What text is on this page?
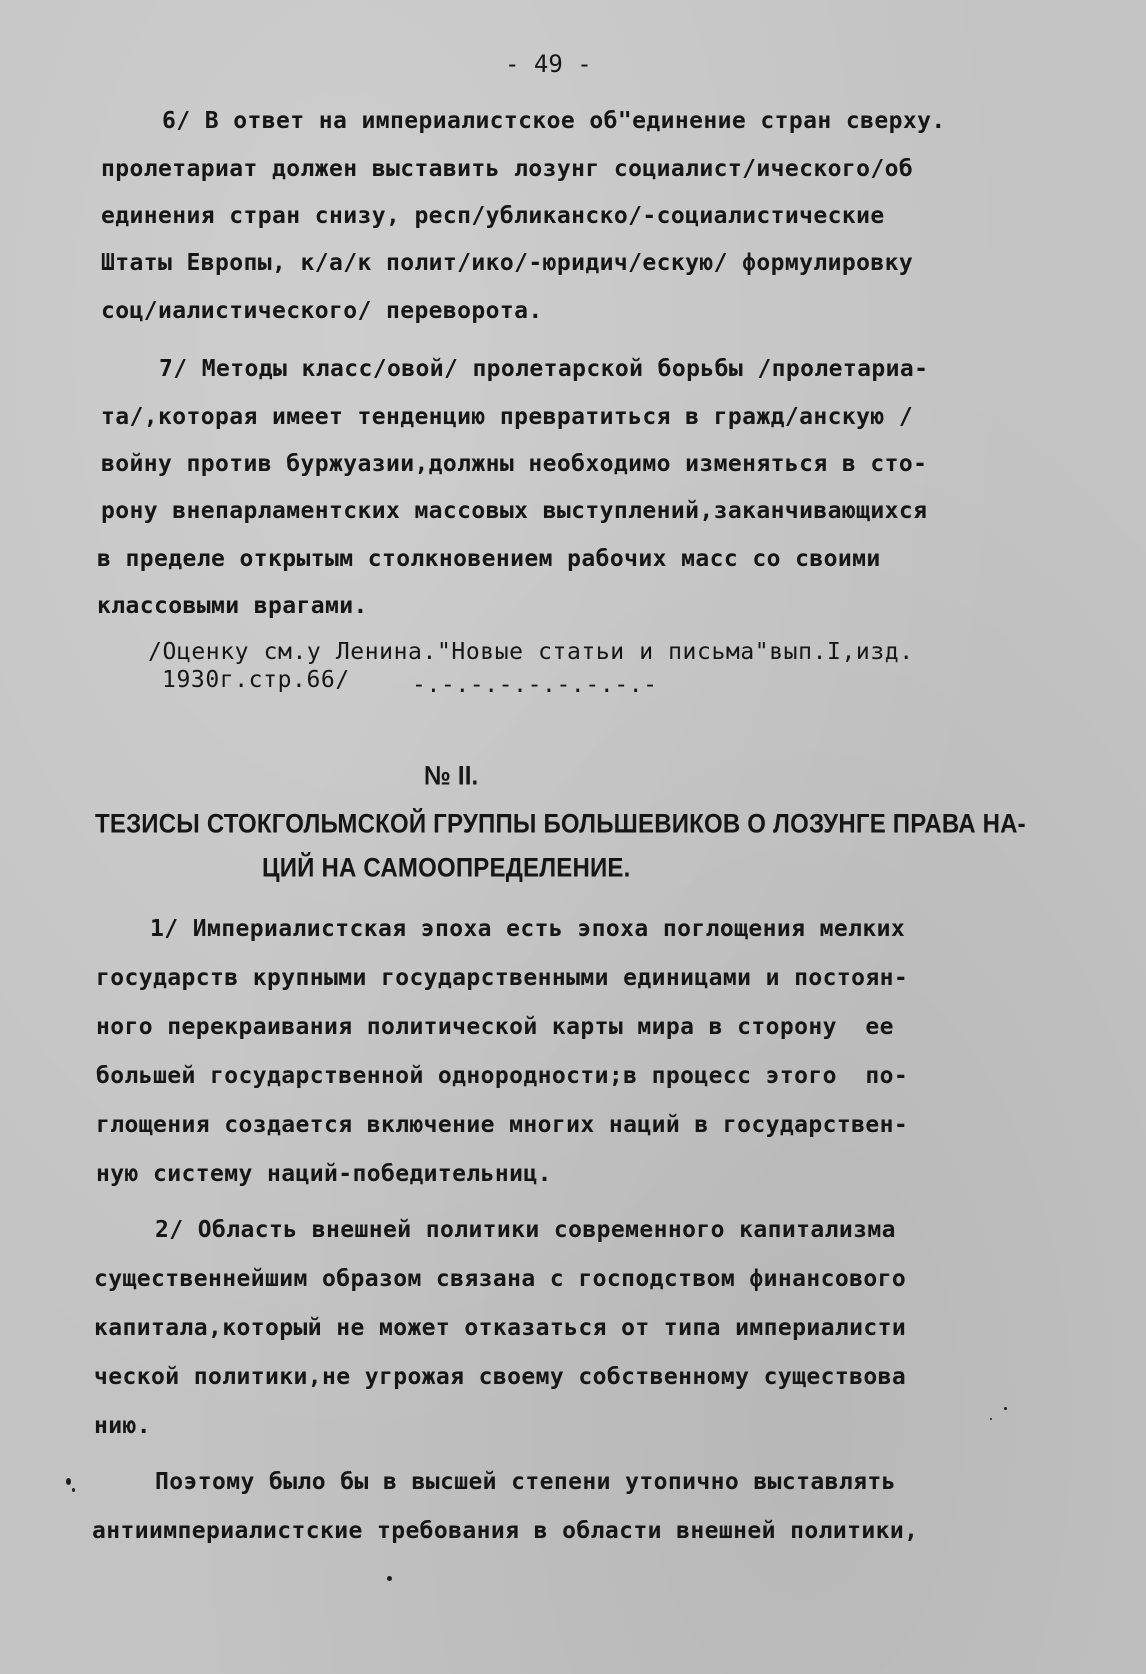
- 49 -
6/ В ответ на империалистское об"единение стран сверху.
пролетариат должен выставить лозунг социалист/ического/об
единения стран снизу, респ/убликанско/-социалистические
Штаты Европы, к/а/к полит/ико/-юридич/ескую/ формулировку
соц/иалистического/ переворота.
7/ Методы класс/овой/ пролетарской борьбы /пролетариа-
та/,которая имеет тенденцию превратиться в гражд/анскую /
войну против буржуазии,должны необходимо изменяться в сто-
рону внепарламентских массовых выступлений,заканчивающихся
в пределе открытым столкновением рабочих масс со своими
классовыми врагами.
/Оценку см.у Ленина."Новые статьи и письма"вып.I,изд.
1930г.стр.66/	-.-.-.-.-.-.-.-.-
№ II.
ТЕЗИСЫ СТОКГОЛЬМСКОЙ ГРУППЫ БОЛЬШЕВИКОВ О ЛОЗУНГЕ ПРАВА НА-
ЦИЙ НА САМООПРЕДЕЛЕНИЕ.
1/ Империалистская эпоха есть эпоха поглощения мелких
государств крупными государственными единицами и постоян-
ного перекраивания политической карты мира в сторону  ее
большей государственной однородности;в процесс этого  по-
глощения создается включение многих наций в государствен-
ную систему наций-победительниц.
2/ Область внешней политики современного капитализма
существеннейшим образом связана с господством финансового
капитала,который не может отказаться от типа империалисти
ческой политики,не угрожая своему собственному существова
нию.
Поэтому было бы в высшей степени утопично выставлять
антиимпериалистские требования в области внешней политики,
